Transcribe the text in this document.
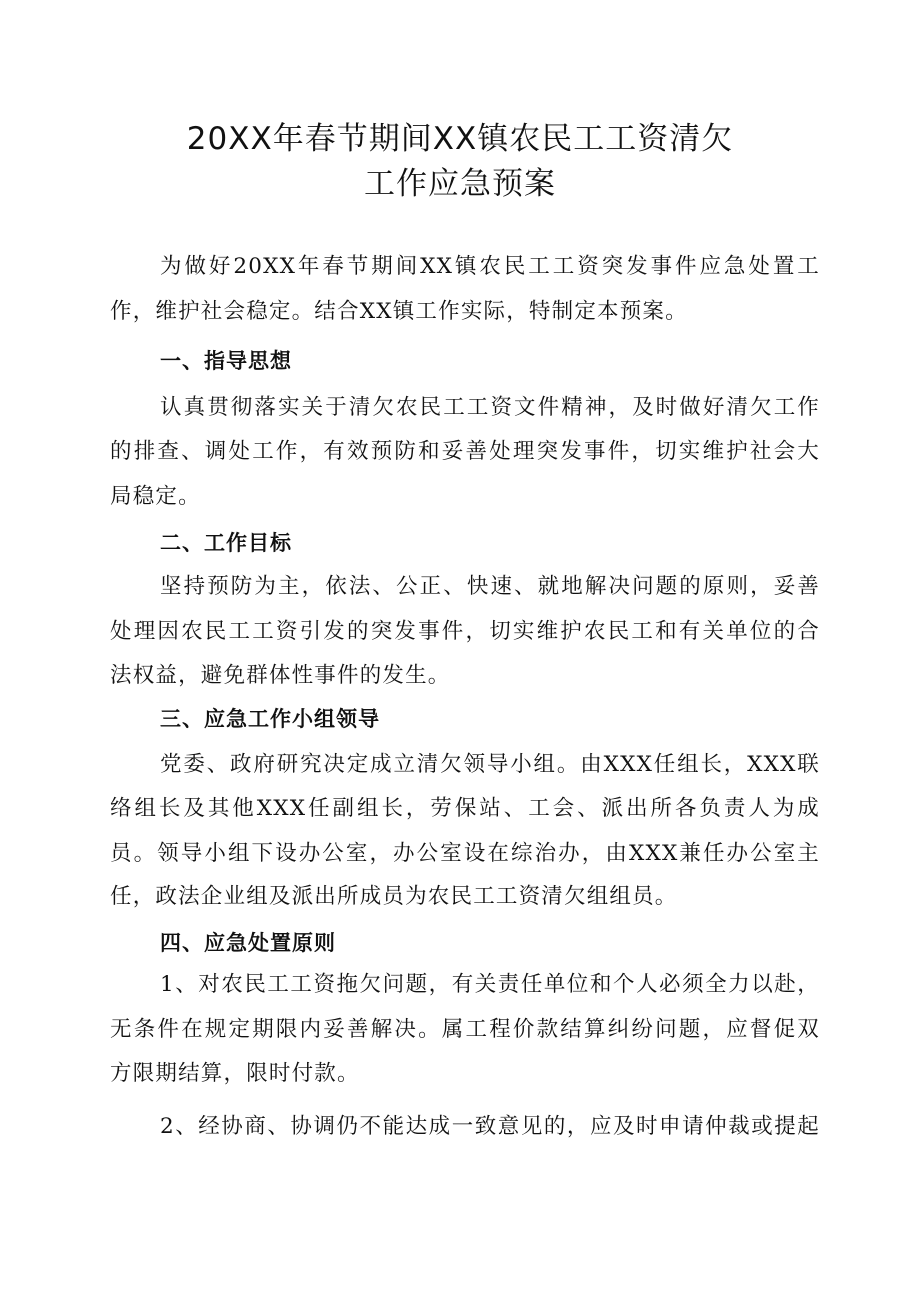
20XX年春节期间XX镇农民工工资清欠
工作应急预案
为做好20XX年春节期间XX镇农民工工资突发事件应急处置工
作，维护社会稳定。结合XX镇工作实际，特制定本预案。
一、指导思想
认真贯彻落实关于清欠农民工工资文件精神，及时做好清欠工作
的排查、调处工作，有效预防和妥善处理突发事件，切实维护社会大
局稳定。
二、工作目标
坚持预防为主，依法、公正、快速、就地解决问题的原则，妥善
处理因农民工工资引发的突发事件，切实维护农民工和有关单位的合
法权益，避免群体性事件的发生。
三、应急工作小组领导
党委、政府研究决定成立清欠领导小组。由XXX任组长，XXX联
络组长及其他XXX任副组长，劳保站、工会、派出所各负责人为成
员。领导小组下设办公室，办公室设在综治办，由XXX兼任办公室主
任，政法企业组及派出所成员为农民工工资清欠组组员。
四、应急处置原则
1、对农民工工资拖欠问题，有关责任单位和个人必须全力以赴，
无条件在规定期限内妥善解决。属工程价款结算纠纷问题，应督促双
方限期结算，限时付款。
2、经协商、协调仍不能达成一致意见的，应及时申请仲裁或提起
